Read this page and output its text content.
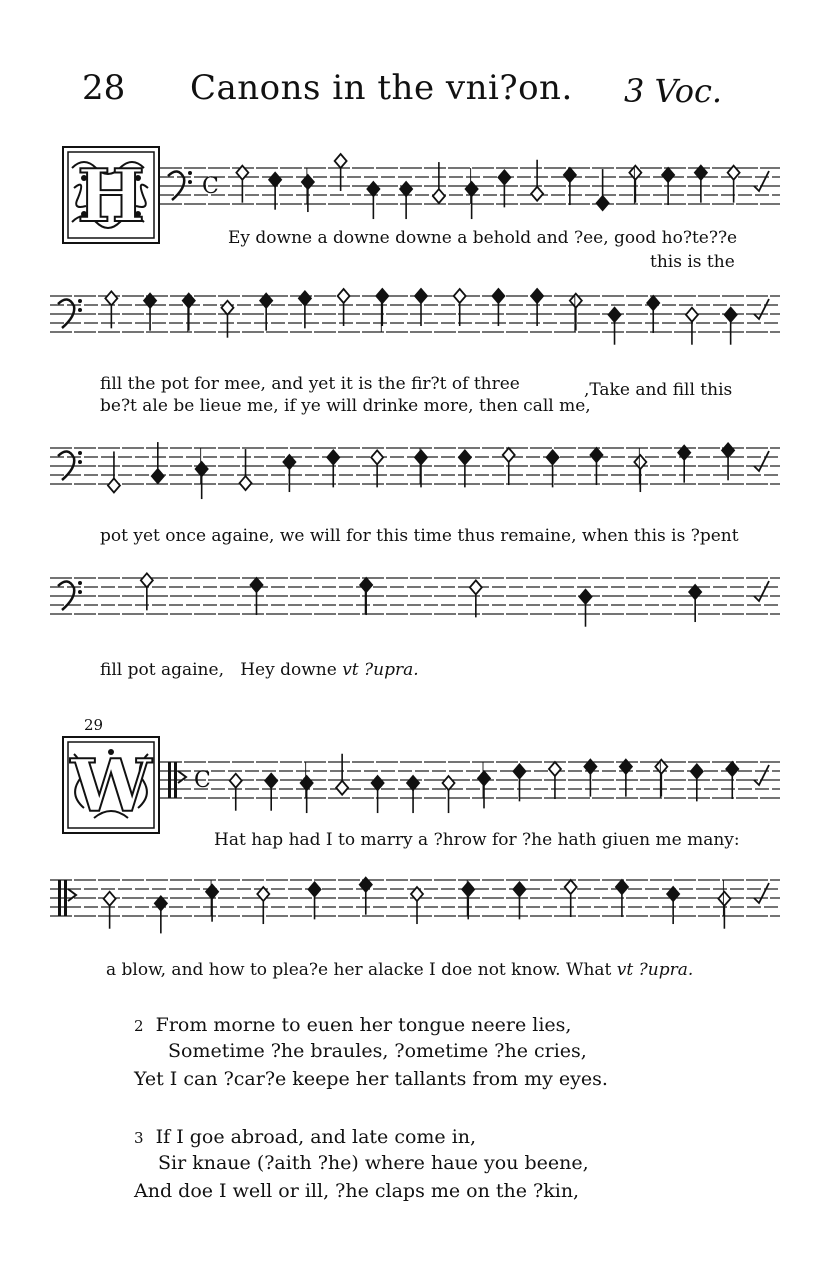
28 Canons in the vni?on. 3 Voc.
H	C
Ey downe a downe downe a behold and ?ee, good ho?te??e
this is the
fill the pot for mee, and yet it is the fir?t of three	,Take and fill this
be?t ale be lieue me, if ye will drinke more, then call me,
pot yet once againe, we will for this time thus remaine, when this is ?pent
fill pot againe, Hey downe vt ?upra.
29
W C
Hat hap had I to marry a ?hrow for ?he hath giuen me many:
a blow, and how to plea?e her alacke I doe not know. What vt ?upra.
2 From morne to euen her tongue neere lies,
Sometime ?he braules, ?ometime ?he cries,
Yet I can ?car?e keepe her tallants from my eyes.
3 If I goe abroad, and late come in,
Sir knaue (?aith ?he) where haue you beene,
And doe I well or ill, ?he claps me on the ?kin,
